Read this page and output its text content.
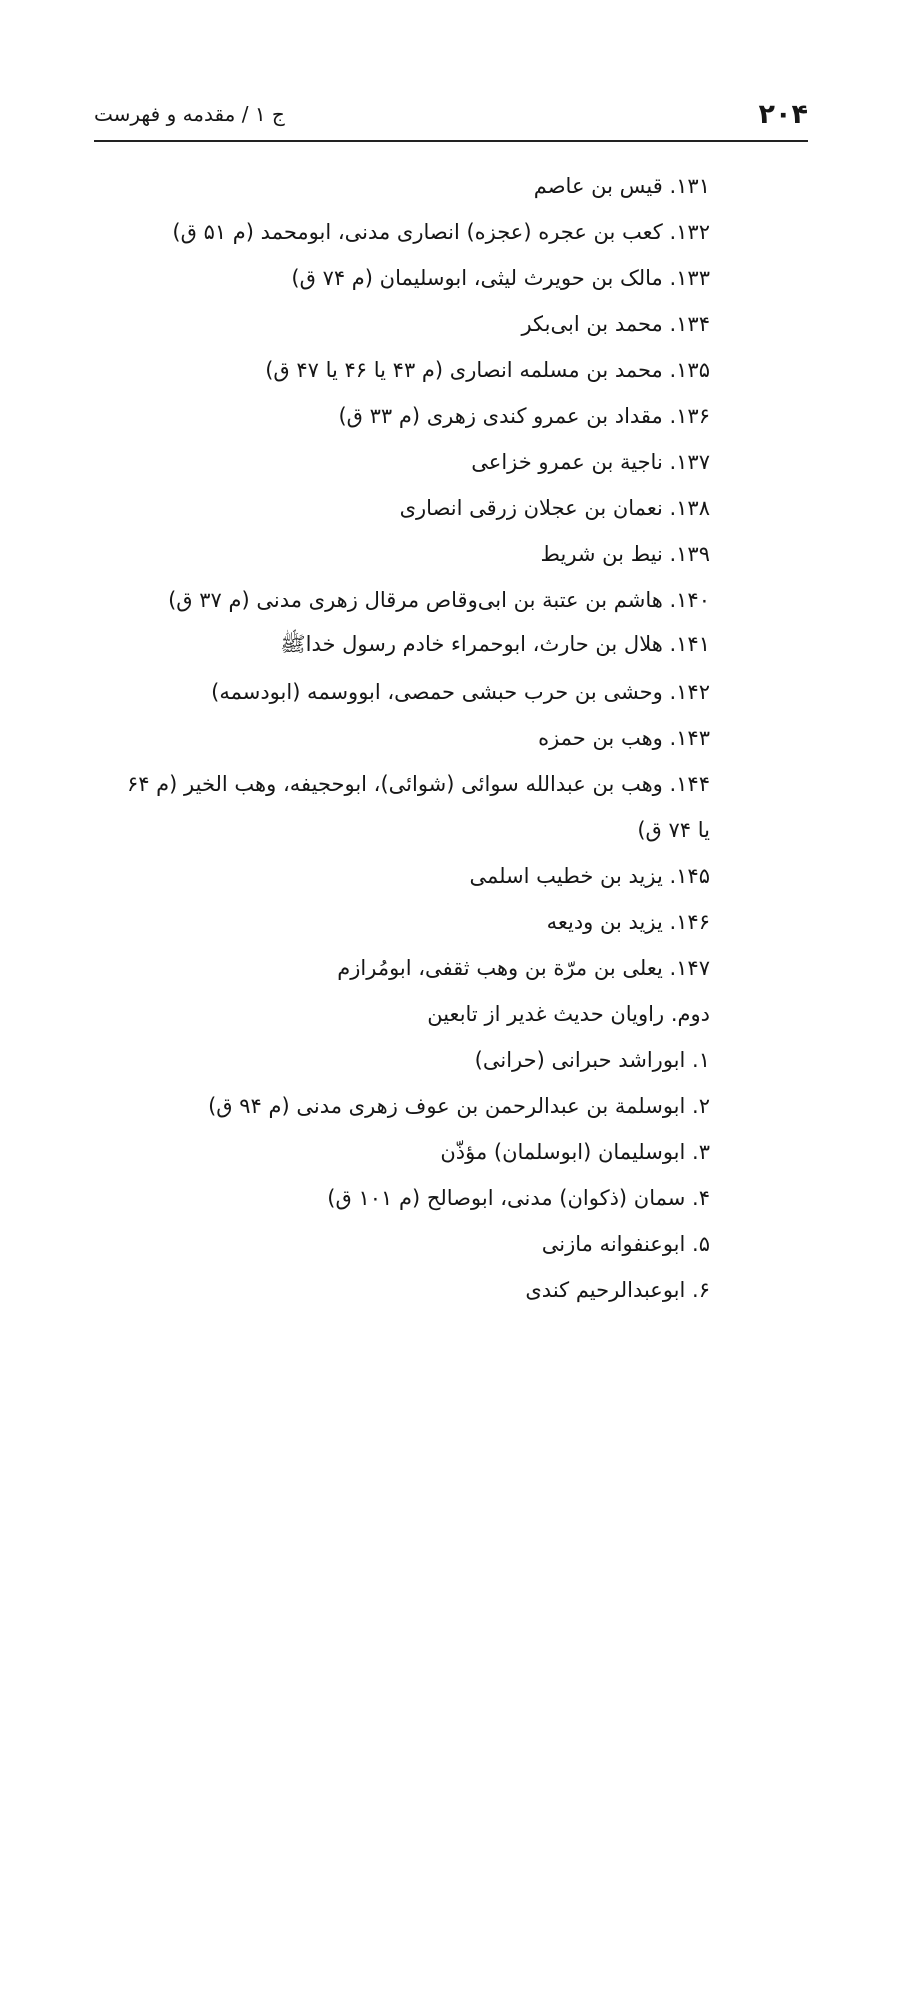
۲۰۴
ج ۱ / مقدمه و فهرست
۱۳۱. قیس بن عاصم
۱۳۲. کعب بن عجره (عجزه) انصاری مدنی، ابومحمد (م ۵۱ ق)
۱۳۳. مالک بن حویرث لیثی، ابوسلیمان (م ۷۴ ق)
۱۳۴. محمد بن ابی‌بکر
۱۳۵. محمد بن مسلمه انصاری (م ۴۳ یا ۴۶ یا ۴۷ ق)
۱۳۶. مقداد بن عمرو کندی زهری (م ۳۳ ق)
۱۳۷. ناجیة بن عمرو خزاعی
۱۳۸. نعمان بن عجلان زرقی انصاری
۱۳۹. نیط بن شریط
۱۴۰. هاشم بن عتبة بن ابی‌وقاص مرقال زهری مدنی (م ۳۷ ق)
۱۴۱. هلال بن حارث، ابوحمراء خادم رسول خداﷺ
۱۴۲. وحشی بن حرب حبشی حمصی، ابووسمه (ابودسمه)
۱۴۳. وهب بن حمزه
۱۴۴. وهب بن عبدالله سوائی (شوائی)، ابوحجیفه، وهب الخیر (م ۶۴
یا ۷۴ ق)
۱۴۵. یزید بن خطیب اسلمی
۱۴۶. یزید بن ودیعه
۱۴۷. یعلی بن مرّة بن وهب ثقفی، ابومُرازم
دوم. راویان حدیث غدیر از تابعین
۱. ابوراشد حبرانی (حرانی)
۲. ابوسلمة بن عبدالرحمن بن عوف زهری مدنی (م ۹۴ ق)
۳. ابوسلیمان (ابوسلمان) مؤذّن
۴. سمان (ذکوان) مدنی، ابوصالح (م ۱۰۱ ق)
۵. ابوعنفوانه مازنی
۶. ابوعبدالرحیم کندی
